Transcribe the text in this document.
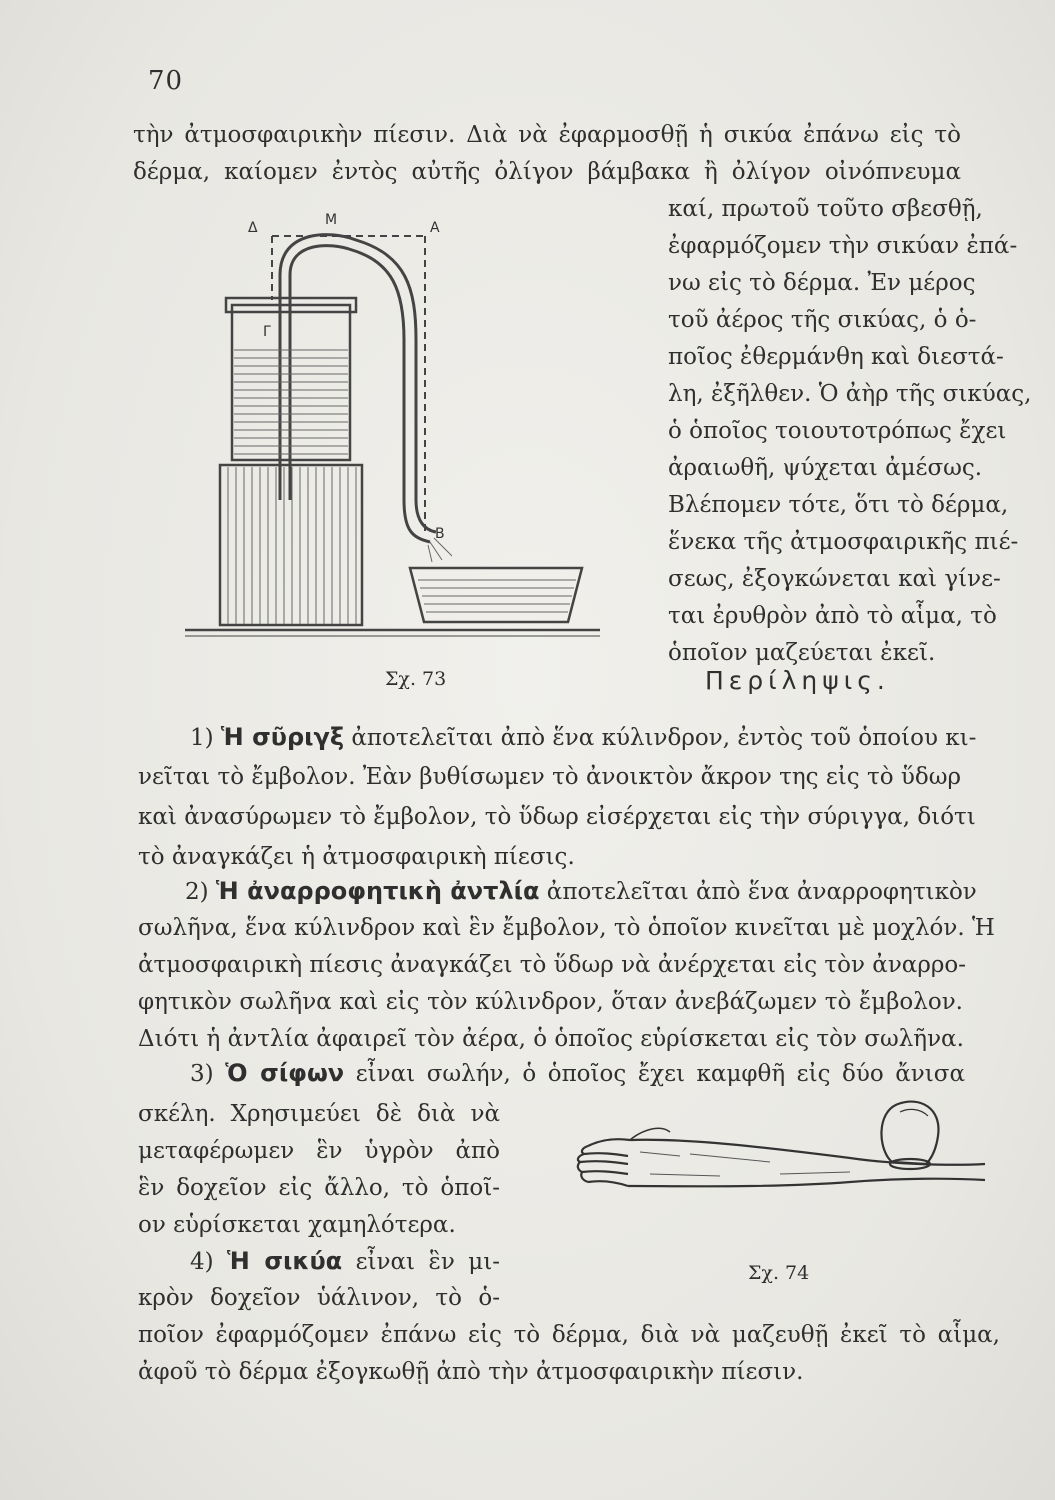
70
τὴν ἀτμοσφαιρικὴν πίεσιν. Διὰ νὰ ἐφαρμοσθῇ ἡ σικύα ἐπάνω εἰς τὸ
δέρμα, καίομεν ἐντὸς αὐτῆς ὀλίγον βάμβακα ἢ ὀλίγον οἰνόπνευμα
καί, πρωτοῦ τοῦτο σβεσθῇ,
ἐφαρμόζομεν τὴν σικύαν ἐπά-
νω εἰς τὸ δέρμα. Ἐν μέρος
τοῦ ἀέρος τῆς σικύας, ὁ ὁ-
ποῖος ἐθερμάνθη καὶ διεστά-
λη, ἐξῆλθεν. Ὁ ἀὴρ τῆς σικύας,
ὁ ὁποῖος τοιουτοτρόπως ἔχει
ἀραιωθῆ, ψύχεται ἀμέσως.
Βλέπομεν τότε, ὅτι τὸ δέρμα,
ἕνεκα τῆς ἀτμοσφαιρικῆς πιέ-
σεως, ἐξογκώνεται καὶ γίνε-
ται ἐρυθρὸν ἀπὸ τὸ αἷμα, τὸ
ὁποῖον μαζεύεται ἐκεῖ.
Δ	Μ	Α
Γ
Β
Σχ. 73	Περίληψις.
1) Ἡ σῦριγξ ἀποτελεῖται ἀπὸ ἕνα κύλινδρον, ἐντὸς τοῦ ὁποίου κι-
νεῖται τὸ ἔμβολον. Ἐὰν βυθίσωμεν τὸ ἀνοικτὸν ἄκρον της εἰς τὸ ὕδωρ
καὶ ἀνασύρωμεν τὸ ἔμβολον, τὸ ὕδωρ εἰσέρχεται εἰς τὴν σύριγγα, διότι
τὸ ἀναγκάζει ἡ ἀτμοσφαιρικὴ πίεσις.
2) Ἡ ἀναρροφητικὴ ἀντλία ἀποτελεῖται ἀπὸ ἕνα ἀναρροφητικὸν
σωλῆνα, ἕνα κύλινδρον καὶ ἓν ἔμβολον, τὸ ὁποῖον κινεῖται μὲ μοχλόν. Ἡ
ἀτμοσφαιρικὴ πίεσις ἀναγκάζει τὸ ὕδωρ νὰ ἀνέρχεται εἰς τὸν ἀναρρο-
φητικὸν σωλῆνα καὶ εἰς τὸν κύλινδρον, ὅταν ἀνεβάζωμεν τὸ ἔμβολον.
Διότι ἡ ἀντλία ἀφαιρεῖ τὸν ἀέρα, ὁ ὁποῖος εὑρίσκεται εἰς τὸν σωλῆνα.
3) Ὁ σίφων εἶναι σωλήν, ὁ ὁποῖος ἔχει καμφθῆ εἰς δύο ἄνισα
σκέλη. Χρησιμεύει δὲ διὰ νὰ
μεταφέρωμεν ἓν ὑγρὸν ἀπὸ
ἓν δοχεῖον εἰς ἄλλο, τὸ ὁποῖ-
ον εὑρίσκεται χαμηλότερα.
Σχ. 74
4) Ἡ σικύα εἶναι ἓν μι-
κρὸν δοχεῖον ὑάλινον, τὸ ὁ-
ποῖον ἐφαρμόζομεν ἐπάνω εἰς τὸ δέρμα, διὰ νὰ μαζευθῇ ἐκεῖ τὸ αἷμα,
ἀφοῦ τὸ δέρμα ἐξογκωθῇ ἀπὸ τὴν ἀτμοσφαιρικὴν πίεσιν.
